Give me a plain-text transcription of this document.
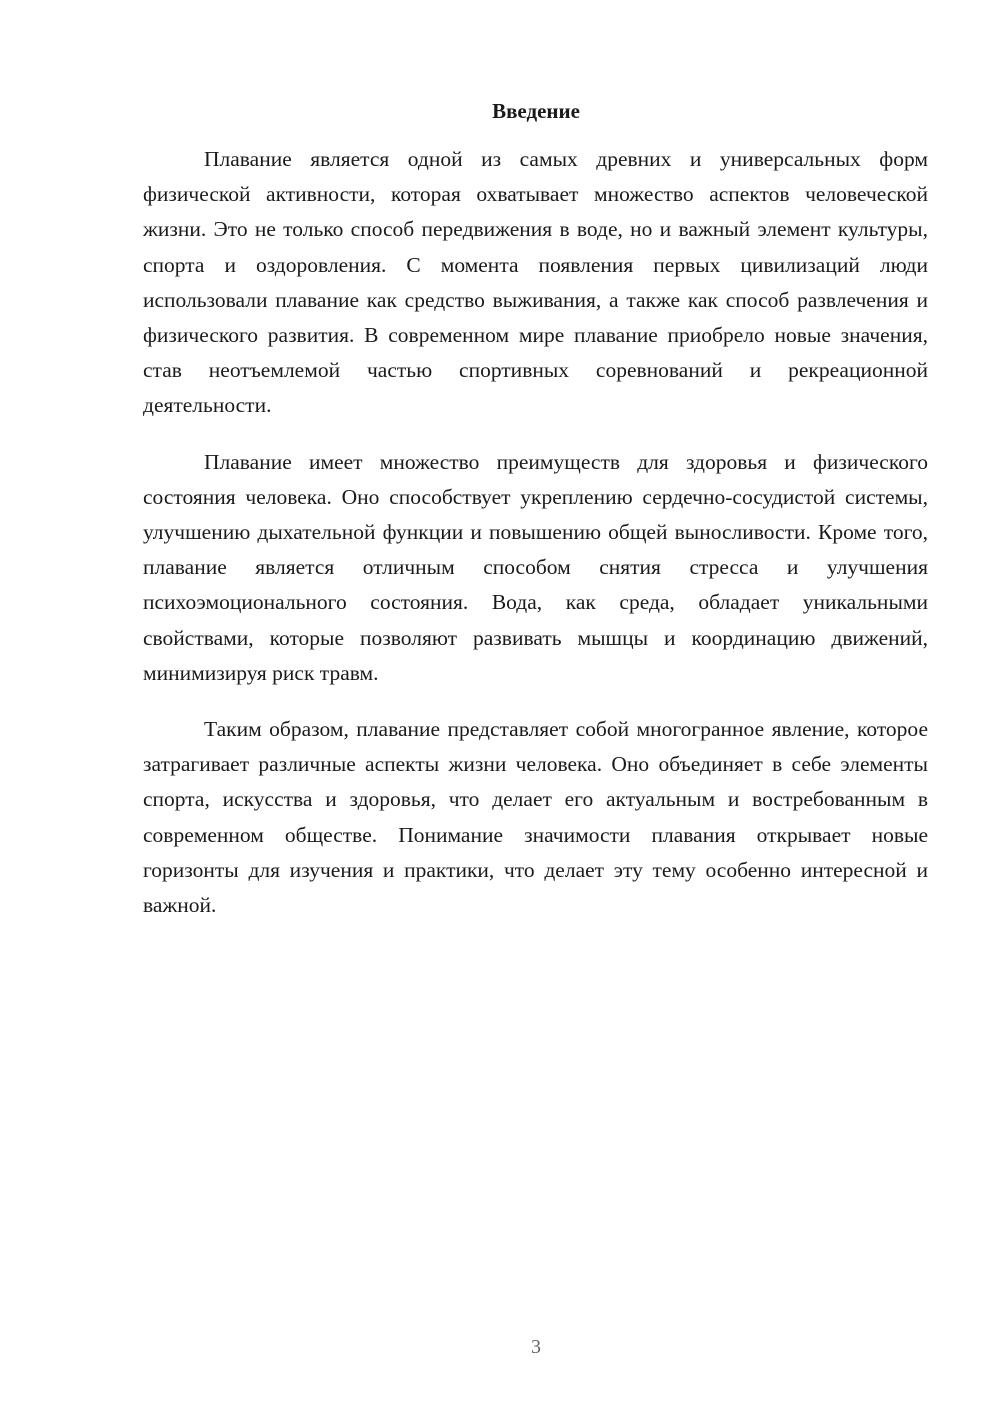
Введение

Плавание является одной из самых древних и универсальных форм физической активности, которая охватывает множество аспектов человеческой жизни. Это не только способ передвижения в воде, но и важный элемент культуры, спорта и оздоровления. С момента появления первых цивилизаций люди использовали плавание как средство выживания, а также как способ развлечения и физического развития. В современном мире плавание приобрело новые значения, став неотъемлемой частью спортивных соревнований и рекреационной деятельности.

Плавание имеет множество преимуществ для здоровья и физического состояния человека. Оно способствует укреплению сердечно-сосудистой системы, улучшению дыхательной функции и повышению общей выносливости. Кроме того, плавание является отличным способом снятия стресса и улучшения психоэмоционального состояния. Вода, как среда, обладает уникальными свойствами, которые позволяют развивать мышцы и координацию движений, минимизируя риск травм.

Таким образом, плавание представляет собой многогранное явление, которое затрагивает различные аспекты жизни человека. Оно объединяет в себе элементы спорта, искусства и здоровья, что делает его актуальным и востребованным в современном обществе. Понимание значимости плавания открывает новые горизонты для изучения и практики, что делает эту тему особенно интересной и важной.

3
